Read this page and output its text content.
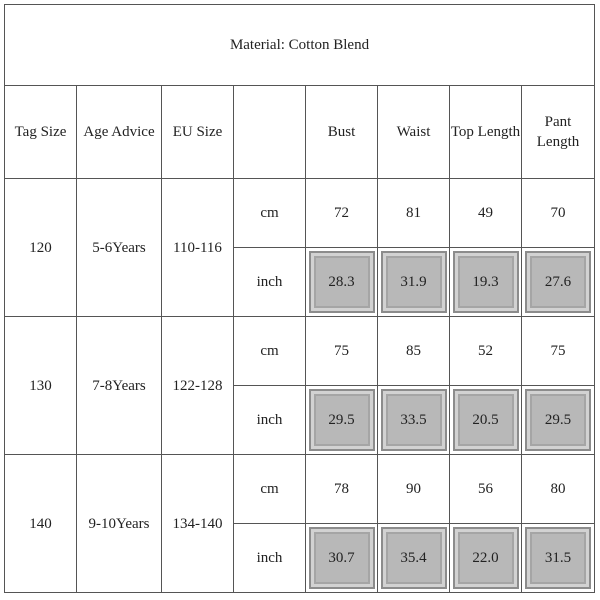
Material: Cotton Blend							
Tag Size	Age Advice	EU Size		Bust	Waist	Top Length	Pant Length
120	5-6Years	110-116	cm	72	81	49	70
			inch	28.3	31.9	19.3	27.6
130	7-8Years	122-128	cm	75	85	52	75
			inch	29.5	33.5	20.5	29.5
140	9-10Years	134-140	cm	78	90	56	80
			inch	30.7	35.4	22.0	31.5
